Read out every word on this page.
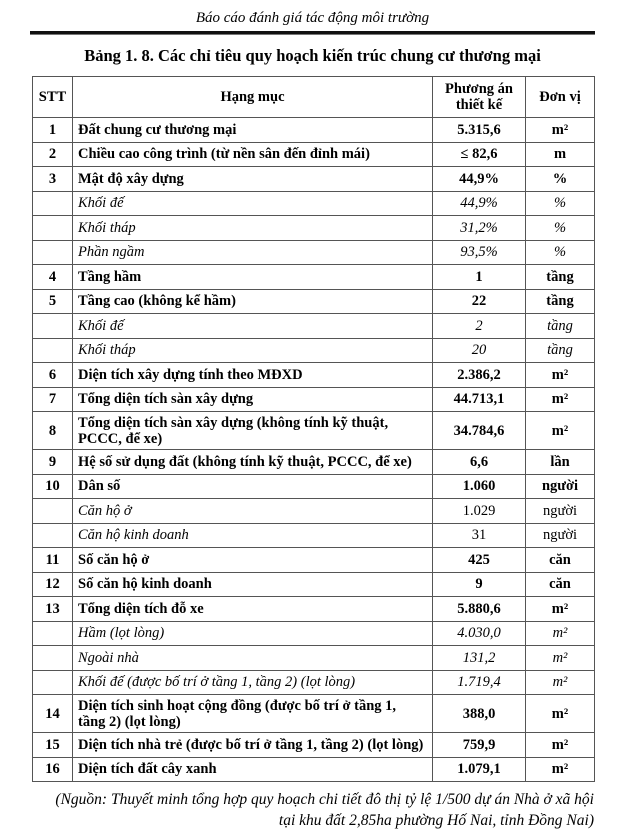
Báo cáo đánh giá tác động môi trường
Bảng 1. 8. Các chỉ tiêu quy hoạch kiến trúc chung cư thương mại
STT	Hạng mục	Phương án thiết kế	Đơn vị
1	Đất chung cư thương mại	5.315,6	m²
2	Chiều cao công trình (từ nền sân đến đỉnh mái)	≤ 82,6	m
3	Mật độ xây dựng	44,9%	%
	Khối đế	44,9%	%
	Khối tháp	31,2%	%
	Phần ngầm	93,5%	%
4	Tầng hầm	1	tầng
5	Tầng cao (không kể hầm)	22	tầng
	Khối đế	2	tầng
	Khối tháp	20	tầng
6	Diện tích xây dựng tính theo MĐXD	2.386,2	m²
7	Tổng diện tích sàn xây dựng	44.713,1	m²
8	Tổng diện tích sàn xây dựng (không tính kỹ thuật, PCCC, để xe)	34.784,6	m²
9	Hệ số sử dụng đất (không tính kỹ thuật, PCCC, để xe)	6,6	lần
10	Dân số	1.060	người
	Căn hộ ở	1.029	người
	Căn hộ kinh doanh	31	người
11	Số căn hộ ở	425	căn
12	Số căn hộ kinh doanh	9	căn
13	Tổng diện tích đỗ xe	5.880,6	m²
	Hầm (lọt lòng)	4.030,0	m²
	Ngoài nhà	131,2	m²
	Khối đế (được bố trí ở tầng 1, tầng 2) (lọt lòng)	1.719,4	m²
14	Diện tích sinh hoạt cộng đồng (được bố trí ở tầng 1, tầng 2) (lọt lòng)	388,0	m²
15	Diện tích nhà trẻ (được bố trí ở tầng 1, tầng 2) (lọt lòng)	759,9	m²
16	Diện tích đất cây xanh	1.079,1	m²
(Nguồn: Thuyết minh tổng hợp quy hoạch chi tiết đô thị tỷ lệ 1/500 dự án Nhà ở xã hội
tại khu đất 2,85ha phường Hố Nai, tỉnh Đồng Nai)
